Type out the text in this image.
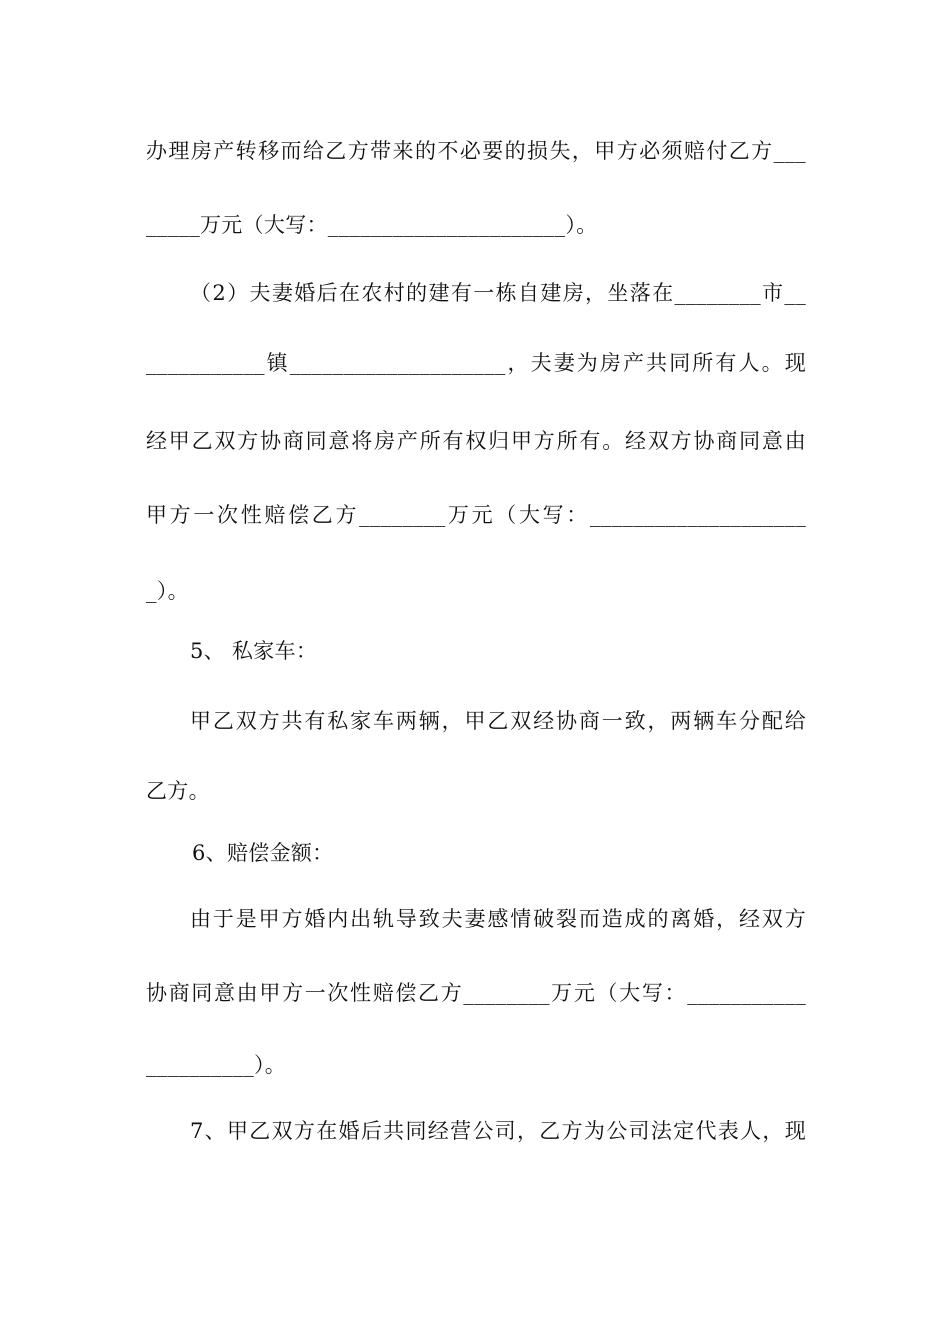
办理房产转移而给乙方带来的不必要的损失，甲方必须赔付乙方___
_____万元（大写：______________________）。
（2）夫妻婚后在农村的建有一栋自建房，坐落在________市__
___________镇____________________，夫妻为房产共同所有人。现
经甲乙双方协商同意将房产所有权归甲方所有。经双方协商同意由
甲方一次性赔偿乙方________万元（大写：____________________
_）。
5、 私家车：
甲乙双方共有私家车两辆，甲乙双经协商一致，两辆车分配给
乙方。
6、赔偿金额：
由于是甲方婚内出轨导致夫妻感情破裂而造成的离婚，经双方
协商同意由甲方一次性赔偿乙方________万元（大写：___________
__________）。
7、甲乙双方在婚后共同经营公司，乙方为公司法定代表人，现
